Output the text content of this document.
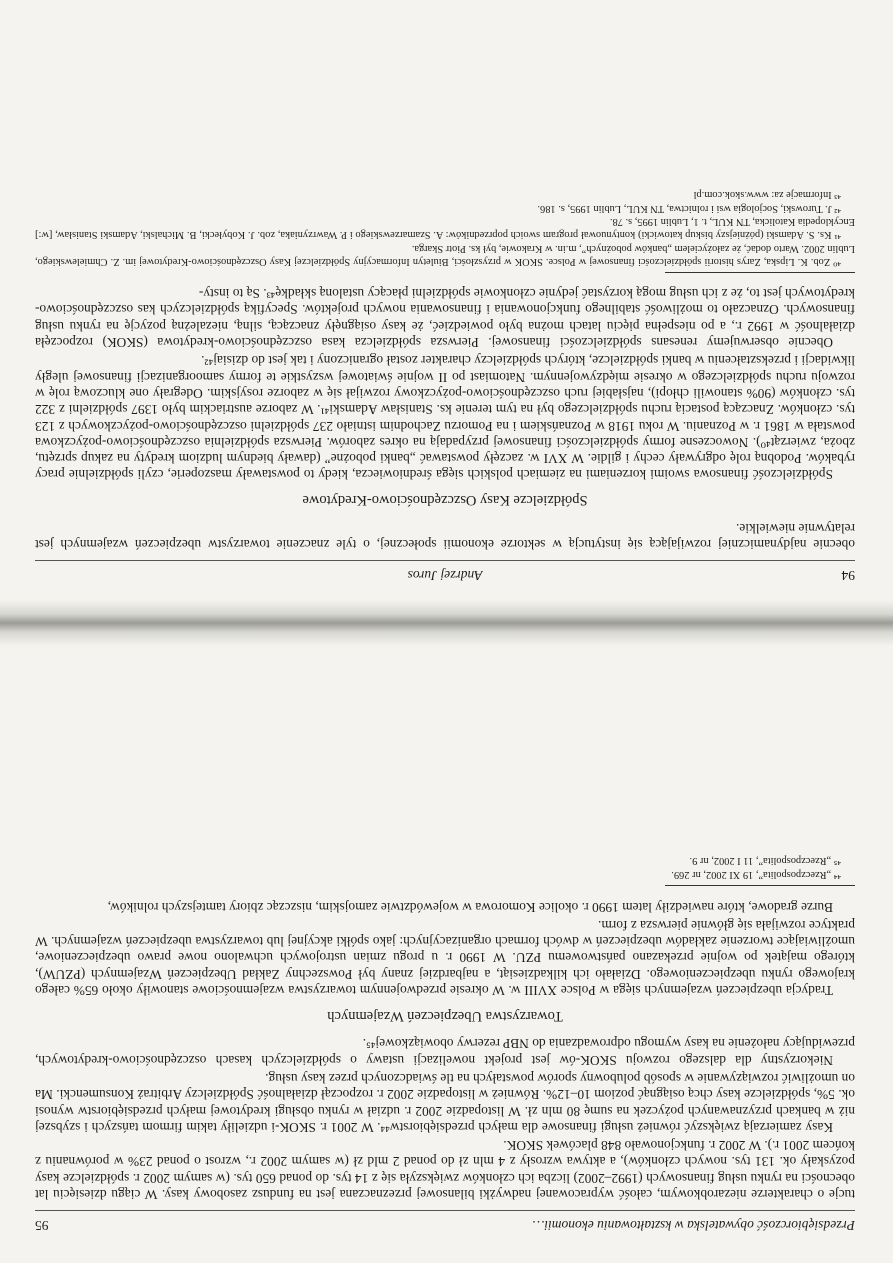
94
Andrzej Juros

obecnie najdynamiczniej rozwijającą się instytucją w sektorze ekonomii społecznej, o tyle znaczenie towarzystw ubezpieczeń wzajemnych jest relatywnie niewielkie.

Spółdzielcze Kasy Oszczędnościowo-Kredytowe

Spółdzielczość finansowa swoimi korzeniami na ziemiach polskich sięga średniowiecza, kiedy to powstawały maszoperie, czyli spółdzielnie pracy rybaków. Podobną rolę odgrywały cechy i gildie. W XVI w. zaczęły powstawać „banki pobożne” (dawały biednym ludziom kredyty na zakup sprzętu, zboża, zwierząt⁴⁰). Nowoczesne formy spółdzielczości finansowej przypadają na okres zaborów. Pierwsza spółdzielnia oszczędnościowo-pożyczkowa powstała w 1861 r. w Poznaniu. W roku 1918 w Poznańskiem i na Pomorzu Zachodnim istniało 237 spółdzielni oszczędnościowo-pożyczkowych z 123 tys. członków. Znaczącą postacią ruchu spółdzielczego był na tym terenie ks. Stanisław Adamski⁴¹. W zaborze austriackim było 1397 spółdzielni z 322 tys. członków (90% stanowili chłopi), najsłabiej ruch oszczędnościowo-pożyczkowy rozwijał się w zaborze rosyjskim. Odegrały one kluczową rolę w rozwoju ruchu spółdzielczego w okresie międzywojennym. Natomiast po II wojnie światowej wszystkie te formy samoorganizacji finansowej uległy likwidacji i przekształceniu w banki spółdzielcze, których spółdzielczy charakter został ograniczony i tak jest do dzisiaj⁴².

Obecnie obserwujemy renesans spółdzielczości finansowej. Pierwsza spółdzielcza kasa oszczędnościowo-kredytowa (SKOK) rozpoczęła działalność w 1992 r., a po niespełna pięciu latach można było powiedzieć, że kasy osiągnęły znaczącą, silną, niezależną pozycję na rynku usług finansowych. Oznaczało to możliwość stabilnego funkcjonowania i finansowania nowych projektów. Specyfiką spółdzielczych kas oszczędnościowo-kredytowych jest to, że z ich usług mogą korzystać jedynie członkowie spółdzielni płacący ustaloną składkę⁴³. Są to insty-

⁴⁰ Zob. K. Lipska, Zarys historii spółdzielczości finansowej w Polsce. SKOK w przyszłości, Biuletyn Informacyjny Spółdzielczej Kasy Oszczędnościowo-Kredytowej im. Z. Chmielewskiego, Lublin 2002. Warto dodać, że założycielem „banków pobożnych”, m.in. w Krakowie, był ks. Piotr Skarga.

⁴¹ Ks. S. Adamski (późniejszy biskup katowicki) kontynuował program swoich poprzedników: A. Szamarzewskiego i P. Wawrzyniaka, zob. J. Kobyłecki, B. Michalski, Adamski Stanisław, [w:] Encyklopedia Katolicka, TN KUL, t. 1, Lublin 1995, s. 78.

⁴² J. Turowski, Socjologia wsi i rolnictwa, TN KUL, Lublin 1995, s. 186.

⁴³ Informacje za: www.skok.com.pl

Przedsiębiorczość obywatelska w kształtowaniu ekonomii…
95

tucje o charakterze niezarobkowym, całość wypracowanej nadwyżki bilansowej przeznaczana jest na fundusz zasobowy kasy. W ciągu dziesięciu lat obecności na rynku usług finansowych (1992–2002) liczba ich członków zwiększyła się z 14 tys. do ponad 650 tys. (w samym 2002 r. spółdzielcze kasy pozyskały ok. 131 tys. nowych członków), a aktywa wzrosły z 4 mln zł do ponad 2 mld zł (w samym 2002 r., wzrost o ponad 23% w porównaniu z końcem 2001 r.). W 2002 r. funkcjonowało 848 placówek SKOK.

Kasy zamierzają zwiększyć również usługi finansowe dla małych przedsiębiorstw⁴⁴. W 2001 r. SKOK-i udzieliły takim firmom tańszych i szybszej niż w bankach przyznawanych pożyczek na sumę 80 mln zł. W listopadzie 2002 r. udział w rynku obsługi kredytowej małych przedsiębiorstw wynosi ok. 5%, spółdzielcze kasy chcą osiągnąć poziom 10–12%. Również w listopadzie 2002 r. rozpoczął działalność Spółdzielczy Arbitraż Konsumencki. Ma on umożliwić rozwiązywanie w sposób polubowny sporów powstałych na tle świadczonych przez kasy usług.

Niekorzystny dla dalszego rozwoju SKOK-ów jest projekt nowelizacji ustawy o spółdzielczych kasach oszczędnościowo-kredytowych, przewidujący nałożenie na kasy wymogu odprowadzania do NBP rezerwy obowiązkowej⁴⁵.

Towarzystwa Ubezpieczeń Wzajemnych

Tradycja ubezpieczeń wzajemnych sięga w Polsce XVIII w. W okresie przedwojennym towarzystwa wzajemnościowe stanowiły około 65% całego krajowego rynku ubezpieczeniowego. Działało ich kilkadziesiąt, a najbardziej znany był Powszechny Zakład Ubezpieczeń Wzajemnych (PZUW), którego majątek po wojnie przekazano państwowemu PZU. W 1990 r. u progu zmian ustrojowych uchwalono nowe prawo ubezpieczeniowe, umożliwiające tworzenie zakładów ubezpieczeń w dwóch formach organizacyjnych: jako spółki akcyjnej lub towarzystwa ubezpieczeń wzajemnych. W praktyce rozwijała się głównie pierwsza z form.

Burze gradowe, które nawiedziły latem 1990 r. okolice Komorowa w województwie zamojskim, niszcząc zbiory tamtejszych rolników,

⁴⁴ „Rzeczpospolita”, 19 XI 2002, nr 269.

⁴⁵ „Rzeczpospolita”, 11 I 2002, nr 9.
